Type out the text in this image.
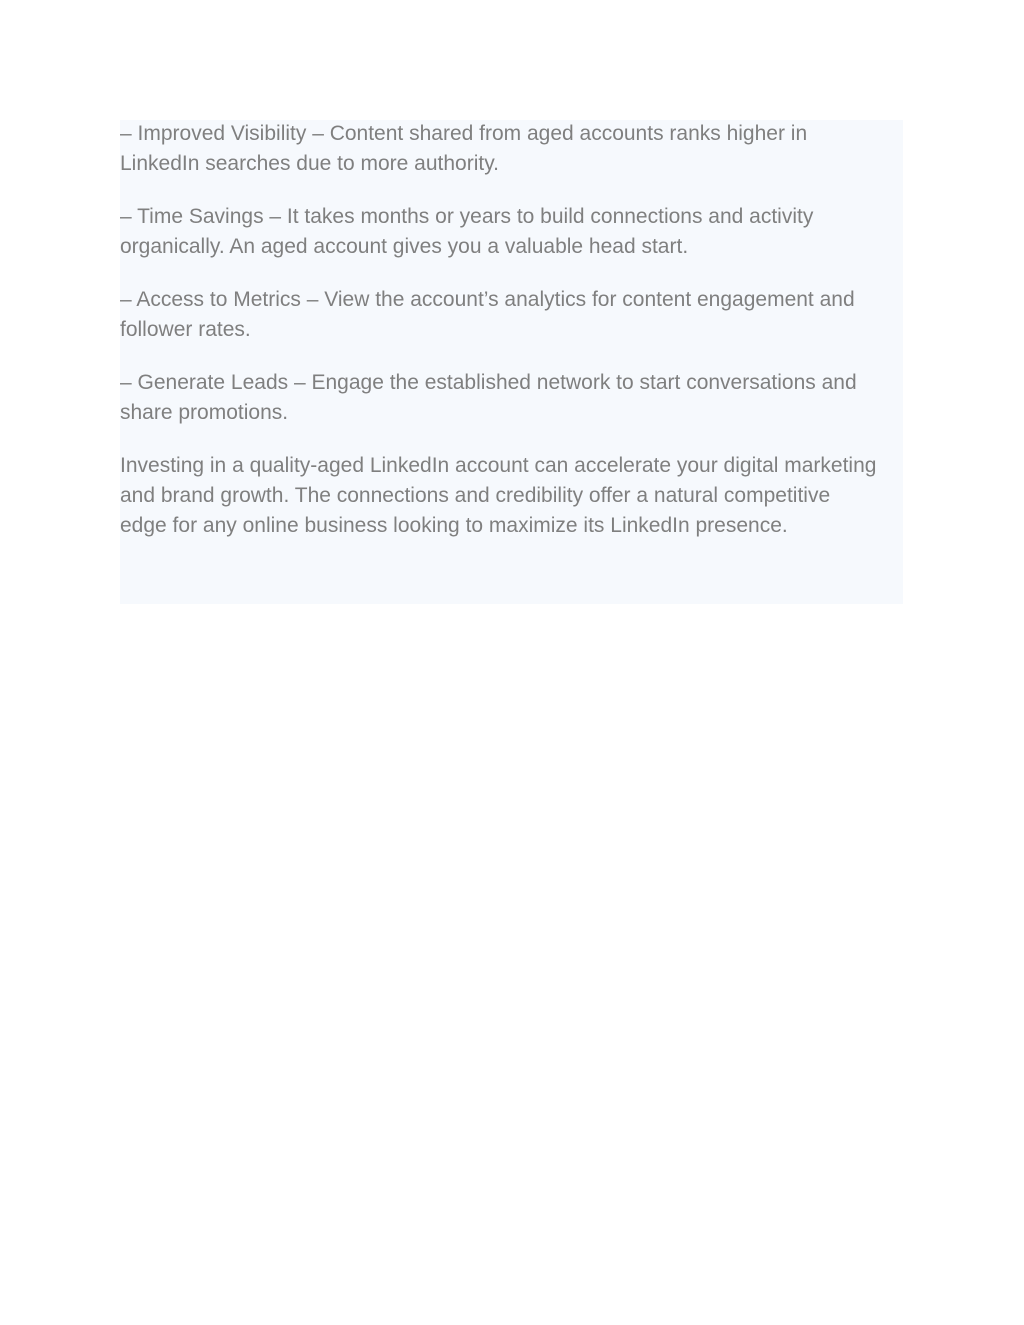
– Improved Visibility – Content shared from aged accounts ranks higher in LinkedIn searches due to more authority.

– Time Savings – It takes months or years to build connections and activity organically. An aged account gives you a valuable head start.

– Access to Metrics – View the account’s analytics for content engagement and follower rates.

– Generate Leads – Engage the established network to start conversations and share promotions.

Investing in a quality-aged LinkedIn account can accelerate your digital marketing and brand growth. The connections and credibility offer a natural competitive edge for any online business looking to maximize its LinkedIn presence.
